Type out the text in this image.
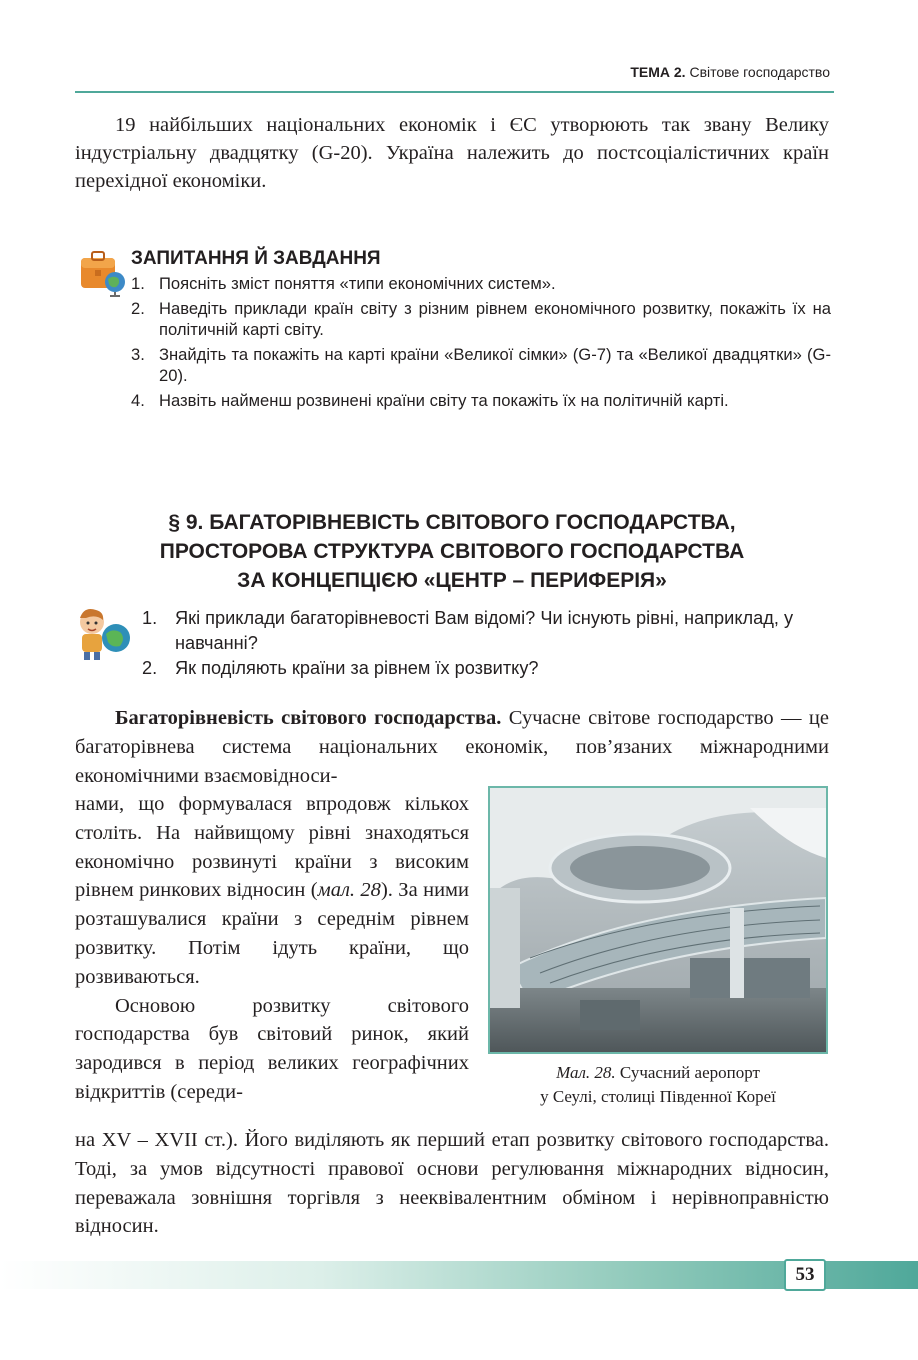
ТЕМА 2. Світове господарство

19 найбільших національних економік і ЄС утворюють так звану Велику індустріальну двадцятку (G-20). Україна належить до постсоціалістичних країн перехідної економіки.

ЗАПИТАННЯ Й ЗАВДАННЯ
1. Поясніть зміст поняття «типи економічних систем».
2. Наведіть приклади країн світу з різним рівнем економічного розвитку, покажіть їх на політичній карті світу.
3. Знайдіть та покажіть на карті країни «Великої сімки» (G-7) та «Великої двадцятки» (G-20).
4. Назвіть найменш розвинені країни світу та покажіть їх на політичній карті.
§ 9. БАГАТОРІВНЕВІСТЬ СВІТОВОГО ГОСПОДАРСТВА,
ПРОСТОРОВА СТРУКТУРА СВІТОВОГО ГОСПОДАРСТВА
ЗА КОНЦЕПЦІЄЮ «ЦЕНТР – ПЕРИФЕРІЯ»
1. Які приклади багаторівневості Вам відомі? Чи існують рівні, наприклад, у навчанні?
2. Як поділяють країни за рівнем їх розвитку?

Багаторівневість світового господарства. Сучасне світове господарство — це багаторівнева система національних економік, пов’язаних міжнародними економічними взаємовідноси-

нами, що формувалася впродовж кількох століть. На найвищому рівні знаходяться економічно розвинуті країни з високим рівнем ринкових відносин (мал. 28). За ними розташувалися країни з середнім рівнем розвитку. Потім ідуть країни, що розвиваються.

Основою розвитку світового господарства був світовий ринок, який зародився в період великих географічних відкриттів (середи-

на XV – XVII ст.). Його виділяють як перший етап розвитку світового господарства. Тоді, за умов відсутності правової основи регулювання міжнародних відносин, переважала зовнішня торгівля з нееквівалентним обміном і нерівноправністю відносин.

Мал. 28. Сучасний аеропорт
у Сеулі, столиці Південної Кореї
53
